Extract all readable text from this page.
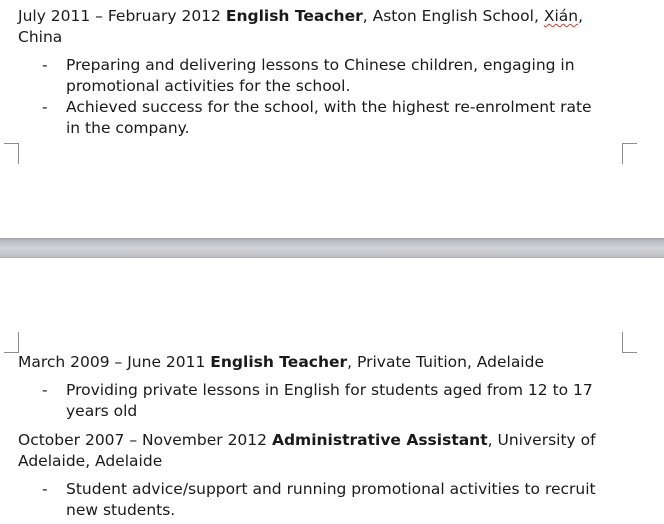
July 2011 – February 2012 English Teacher, Aston English School, Xián, China

- Preparing and delivering lessons to Chinese children, engaging in promotional activities for the school.
- Achieved success for the school, with the highest re-enrolment rate in the company.

March 2009 – June 2011 English Teacher, Private Tuition, Adelaide

- Providing private lessons in English for students aged from 12 to 17 years old

October 2007 – November 2012 Administrative Assistant, University of Adelaide, Adelaide

- Student advice/support and running promotional activities to recruit new students.
